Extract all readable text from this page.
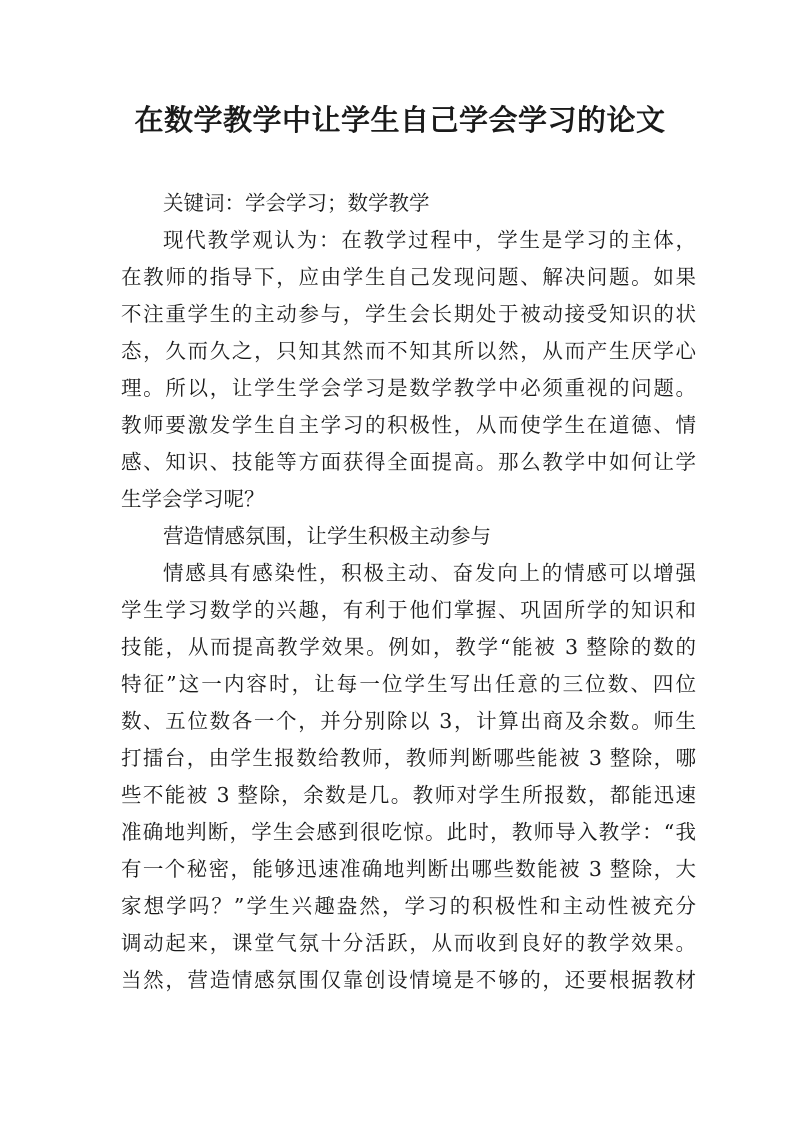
在数学教学中让学生自己学会学习的论文
关键词：学会学习；数学教学
现代教学观认为：在教学过程中，学生是学习的主体，
在教师的指导下，应由学生自己发现问题、解决问题。如果
不注重学生的主动参与，学生会长期处于被动接受知识的状
态，久而久之，只知其然而不知其所以然，从而产生厌学心
理。所以，让学生学会学习是数学教学中必须重视的问题。
教师要激发学生自主学习的积极性，从而使学生在道德、情
感、知识、技能等方面获得全面提高。那么教学中如何让学
生学会学习呢？
营造情感氛围，让学生积极主动参与
情感具有感染性，积极主动、奋发向上的情感可以增强
学生学习数学的兴趣，有利于他们掌握、巩固所学的知识和
技能，从而提高教学效果。例如，教学“能被 3 整除的数的
特征”这一内容时，让每一位学生写出任意的三位数、四位
数、五位数各一个，并分别除以 3，计算出商及余数。师生
打擂台，由学生报数给教师，教师判断哪些能被 3 整除，哪
些不能被 3 整除，余数是几。教师对学生所报数，都能迅速
准确地判断，学生会感到很吃惊。此时，教师导入教学：“我
有一个秘密，能够迅速准确地判断出哪些数能被 3 整除，大
家想学吗？”学生兴趣盎然，学习的积极性和主动性被充分
调动起来，课堂气氛十分活跃，从而收到良好的教学效果。
当然，营造情感氛围仅靠创设情境是不够的，还要根据教材
